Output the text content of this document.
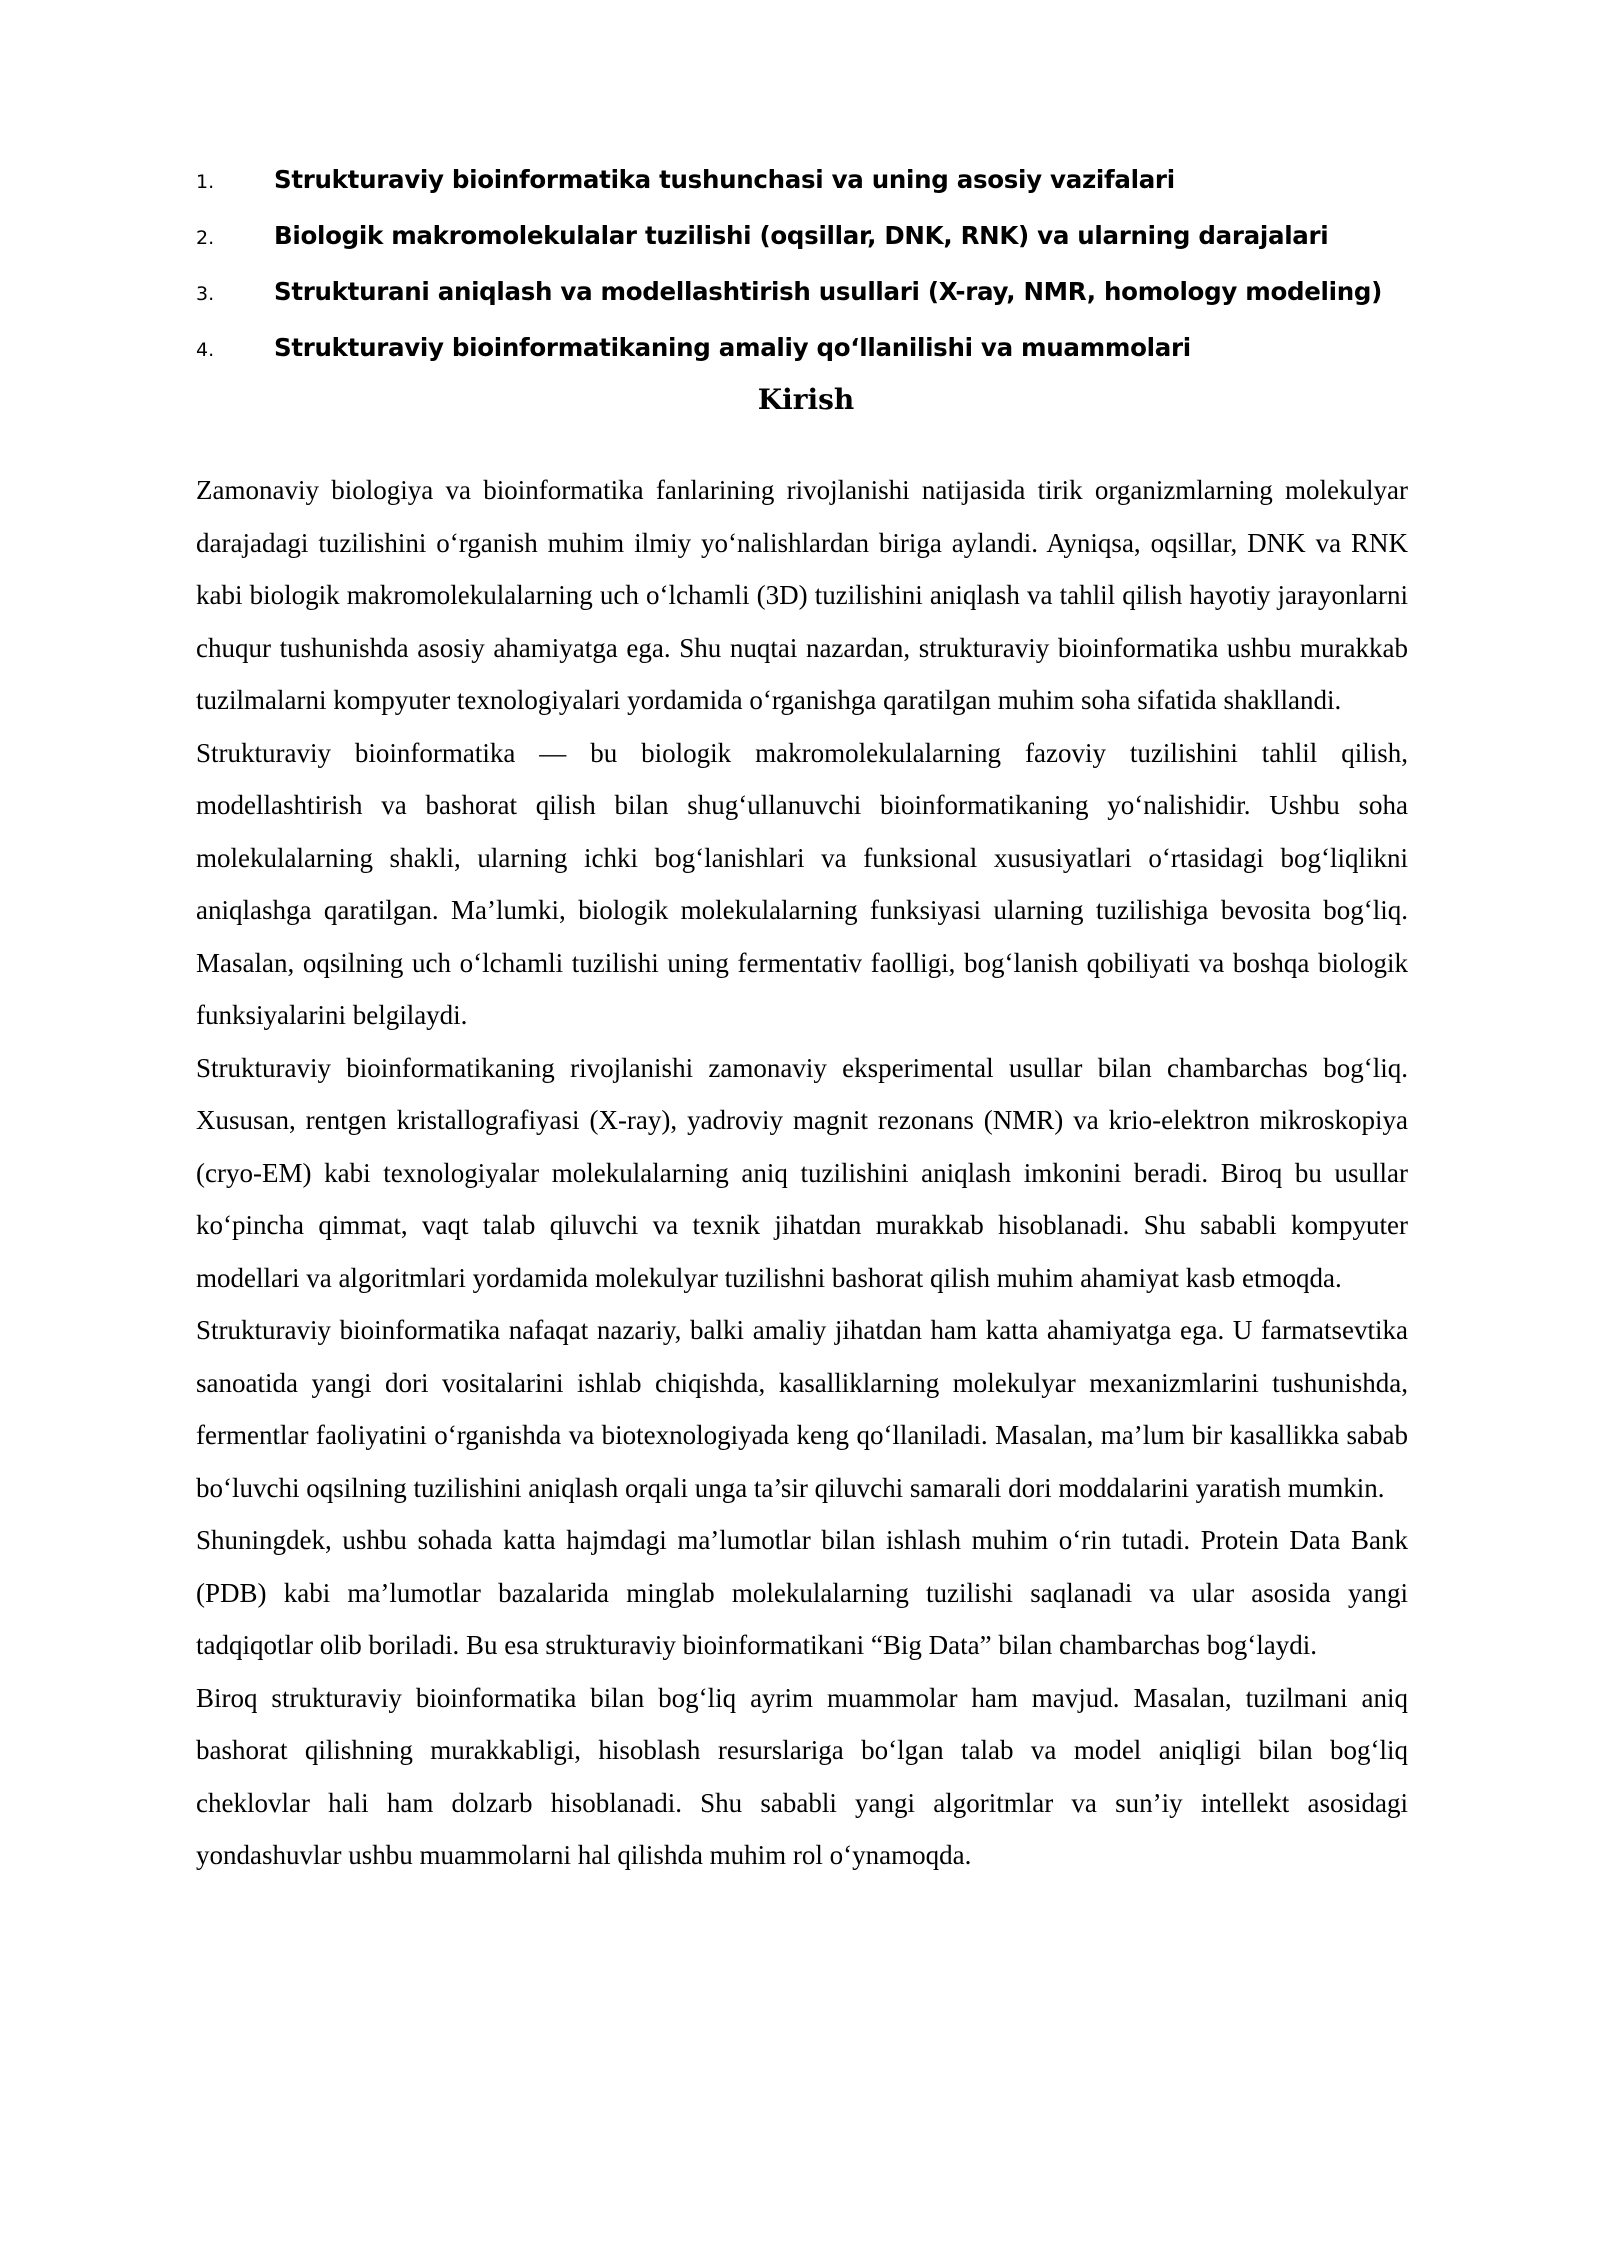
1.	Strukturaviy bioinformatika tushunchasi va uning asosiy vazifalari
2.	Biologik makromolekulalar tuzilishi (oqsillar, DNK, RNK) va ularning darajalari
3.	Strukturani aniqlash va modellashtirish usullari (X-ray, NMR, homology modeling)
4.	Strukturaviy bioinformatikaning amaliy qo‘llanilishi va muammolari
Kirish

Zamonaviy biologiya va bioinformatika fanlarining rivojlanishi natijasida tirik organizmlarning molekulyar darajadagi tuzilishini o‘rganish muhim ilmiy yo‘nalishlardan biriga aylandi. Ayniqsa, oqsillar, DNK va RNK kabi biologik makromolekulalarning uch o‘lchamli (3D) tuzilishini aniqlash va tahlil qilish hayotiy jarayonlarni chuqur tushunishda asosiy ahamiyatga ega. Shu nuqtai nazardan, strukturaviy bioinformatika ushbu murakkab tuzilmalarni kompyuter texnologiyalari yordamida o‘rganishga qaratilgan muhim soha sifatida shakllandi.

Strukturaviy bioinformatika — bu biologik makromolekulalarning fazoviy tuzilishini tahlil qilish, modellashtirish va bashorat qilish bilan shug‘ullanuvchi bioinformatikaning yo‘nalishidir. Ushbu soha molekulalarning shakli, ularning ichki bog‘lanishlari va funksional xususiyatlari o‘rtasidagi bog‘liqlikni aniqlashga qaratilgan. Ma’lumki, biologik molekulalarning funksiyasi ularning tuzilishiga bevosita bog‘liq. Masalan, oqsilning uch o‘lchamli tuzilishi uning fermentativ faolligi, bog‘lanish qobiliyati va boshqa biologik funksiyalarini belgilaydi.

Strukturaviy bioinformatikaning rivojlanishi zamonaviy eksperimental usullar bilan chambarchas bog‘liq. Xususan, rentgen kristallografiyasi (X-ray), yadroviy magnit rezonans (NMR) va krio-elektron mikroskopiya (cryo-EM) kabi texnologiyalar molekulalarning aniq tuzilishini aniqlash imkonini beradi. Biroq bu usullar ko‘pincha qimmat, vaqt talab qiluvchi va texnik jihatdan murakkab hisoblanadi. Shu sababli kompyuter modellari va algoritmlari yordamida molekulyar tuzilishni bashorat qilish muhim ahamiyat kasb etmoqda.

Strukturaviy bioinformatika nafaqat nazariy, balki amaliy jihatdan ham katta ahamiyatga ega. U farmatsevtika sanoatida yangi dori vositalarini ishlab chiqishda, kasalliklarning molekulyar mexanizmlarini tushunishda, fermentlar faoliyatini o‘rganishda va biotexnologiyada keng qo‘llaniladi. Masalan, ma’lum bir kasallikka sabab bo‘luvchi oqsilning tuzilishini aniqlash orqali unga ta’sir qiluvchi samarali dori moddalarini yaratish mumkin.

Shuningdek, ushbu sohada katta hajmdagi ma’lumotlar bilan ishlash muhim o‘rin tutadi. Protein Data Bank (PDB) kabi ma’lumotlar bazalarida minglab molekulalarning tuzilishi saqlanadi va ular asosida yangi tadqiqotlar olib boriladi. Bu esa strukturaviy bioinformatikani “Big Data” bilan chambarchas bog‘laydi.

Biroq strukturaviy bioinformatika bilan bog‘liq ayrim muammolar ham mavjud. Masalan, tuzilmani aniq bashorat qilishning murakkabligi, hisoblash resurslariga bo‘lgan talab va model aniqligi bilan bog‘liq cheklovlar hali ham dolzarb hisoblanadi. Shu sababli yangi algoritmlar va sun’iy intellekt asosidagi yondashuvlar ushbu muammolarni hal qilishda muhim rol o‘ynamoqda.
